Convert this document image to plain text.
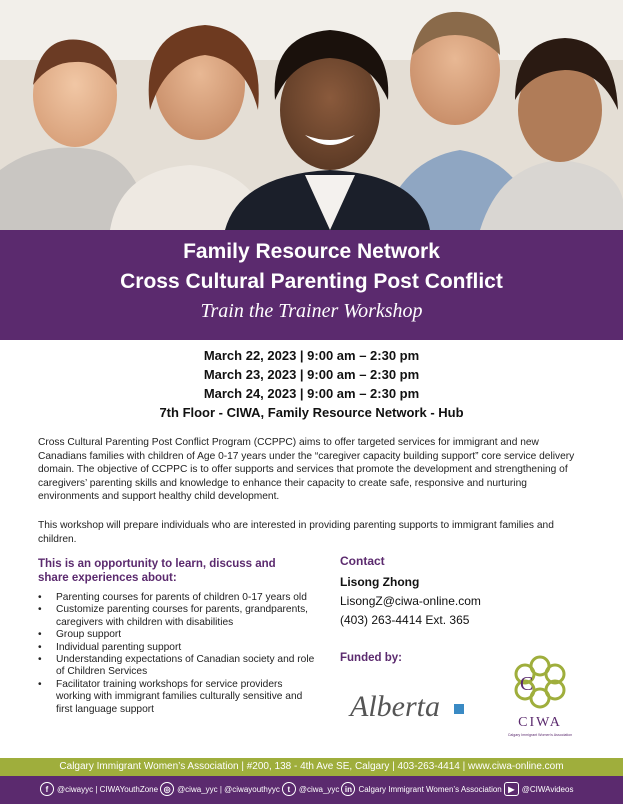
Family Resource Network
Cross Cultural Parenting Post Conflict
Train the Trainer Workshop
March 22, 2023 | 9:00 am – 2:30 pm
March 23, 2023 | 9:00 am – 2:30 pm
March 24, 2023 | 9:00 am – 2:30 pm
7th Floor - CIWA, Family Resource Network - Hub
Cross Cultural Parenting Post Conflict Program (CCPPC) aims to offer targeted services for immigrant and new Canadians families with children of Age 0-17 years under the “caregiver capacity building support” core service delivery domain. The objective of CCPPC is to offer supports and services that promote the development and strengthening of caregivers’ parenting skills and knowledge to enhance their capacity to create safe, responsive and nurturing environments and support healthy child development.
This workshop will prepare individuals who are interested in providing parenting supports to immigrant families and children.
This is an opportunity to learn, discuss and share experiences about:
• Parenting courses for parents of children 0-17 years old
• Customize parenting courses for parents, grandparents, caregivers with children with disabilities
• Group support
• Individual parenting support
• Understanding expectations of Canadian society and role of Children Services
• Facilitator training workshops for service providers working with immigrant families culturally sensitive and first language support
Contact
Lisong Zhong
LisongZ@ciwa-online.com
(403) 263-4414 Ext. 365
Funded by:
Alberta
C
CIWA
Calgary Immigrant Women's Association
Calgary Immigrant Women’s Association | #200, 138 - 4th Ave SE, Calgary | 403-263-4414 | www.ciwa-online.com
f	@ciwayyc | CIWAYouthZone ◎ @ciwa_yyc | @ciwayouthyyc t	@ciwa_yyc in Calgary Immigrant Women’s Association ▶ @CIWAvideos
